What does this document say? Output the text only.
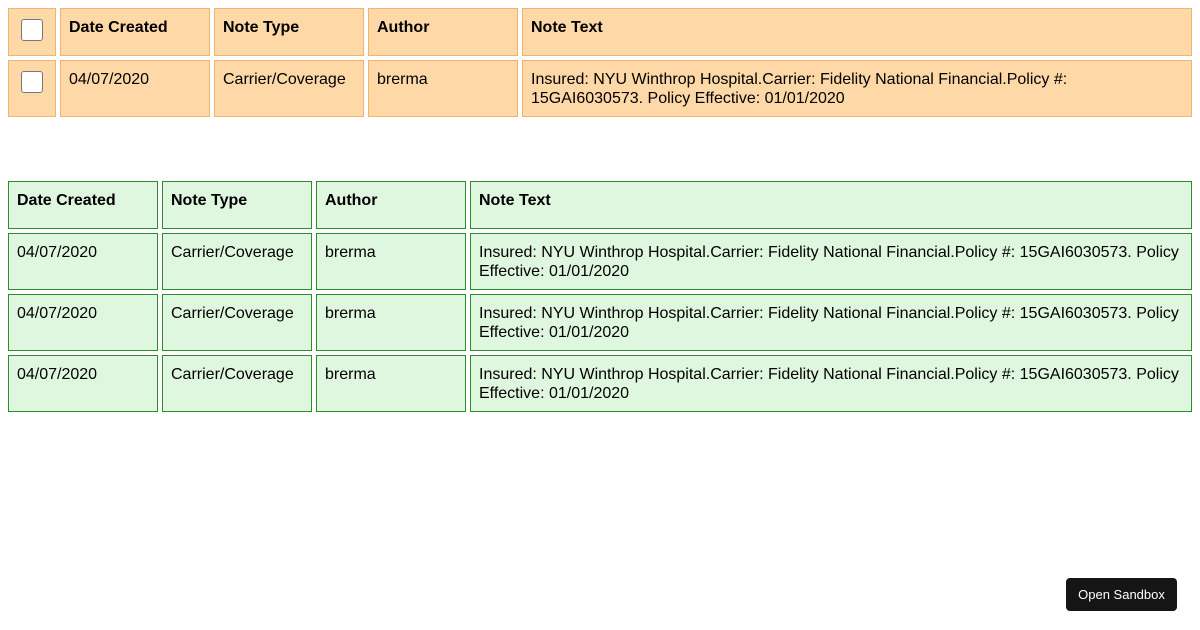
	Date Created	Note Type	Author	Note Text
	04/07/2020	Carrier/Coverage	brerma	Insured: NYU Winthrop Hospital.Carrier: Fidelity National Financial.Policy #: 15GAI6030573. Policy Effective: 01/01/2020
Date Created	Note Type	Author	Note Text
04/07/2020	Carrier/Coverage	brerma	Insured: NYU Winthrop Hospital.Carrier: Fidelity National Financial.Policy #: 15GAI6030573. Policy Effective: 01/01/2020
04/07/2020	Carrier/Coverage	brerma	Insured: NYU Winthrop Hospital.Carrier: Fidelity National Financial.Policy #: 15GAI6030573. Policy Effective: 01/01/2020
04/07/2020	Carrier/Coverage	brerma	Insured: NYU Winthrop Hospital.Carrier: Fidelity National Financial.Policy #: 15GAI6030573. Policy Effective: 01/01/2020
Open Sandbox
